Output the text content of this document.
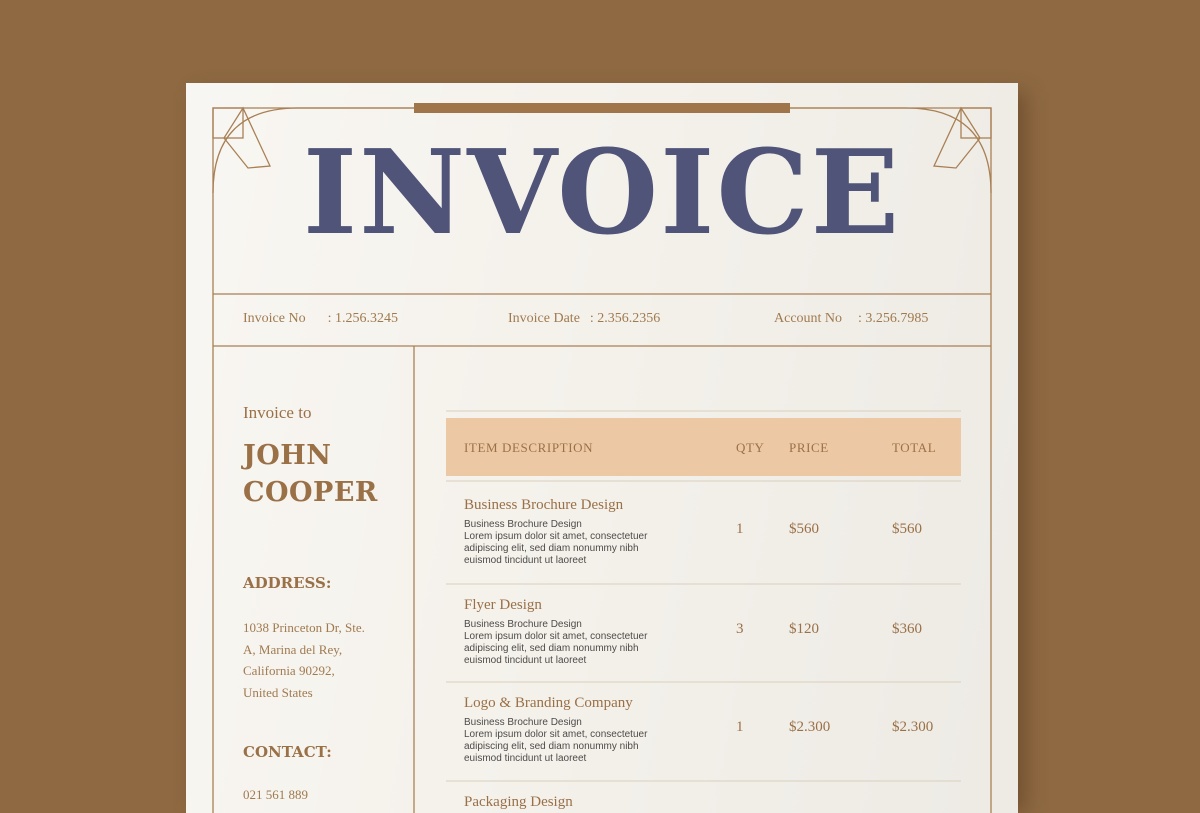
INVOICE
Invoice No : 1.256.3245	Invoice Date : 2.356.2356	Account No : 3.256.7985
Invoice to
JOHN
COOPER
ADDRESS:
1038 Princeton Dr, Ste.
A, Marina del Rey,
California 90292,
United States
CONTACT:
021 561 889
ITEM DESCRIPTION	QTY PRICE	TOTAL
Business Brochure Design
Business Brochure Design
Lorem ipsum dolor sit amet, consectetuer
adipiscing elit, sed diam nonummy nibh
euismod tincidunt ut laoreet
1	$560	$560
Flyer Design
Business Brochure Design
Lorem ipsum dolor sit amet, consectetuer
adipiscing elit, sed diam nonummy nibh
euismod tincidunt ut laoreet
3	$120	$360
Logo & Branding Company
Business Brochure Design
Lorem ipsum dolor sit amet, consectetuer
adipiscing elit, sed diam nonummy nibh
euismod tincidunt ut laoreet
1	$2.300	$2.300
Packaging Design
